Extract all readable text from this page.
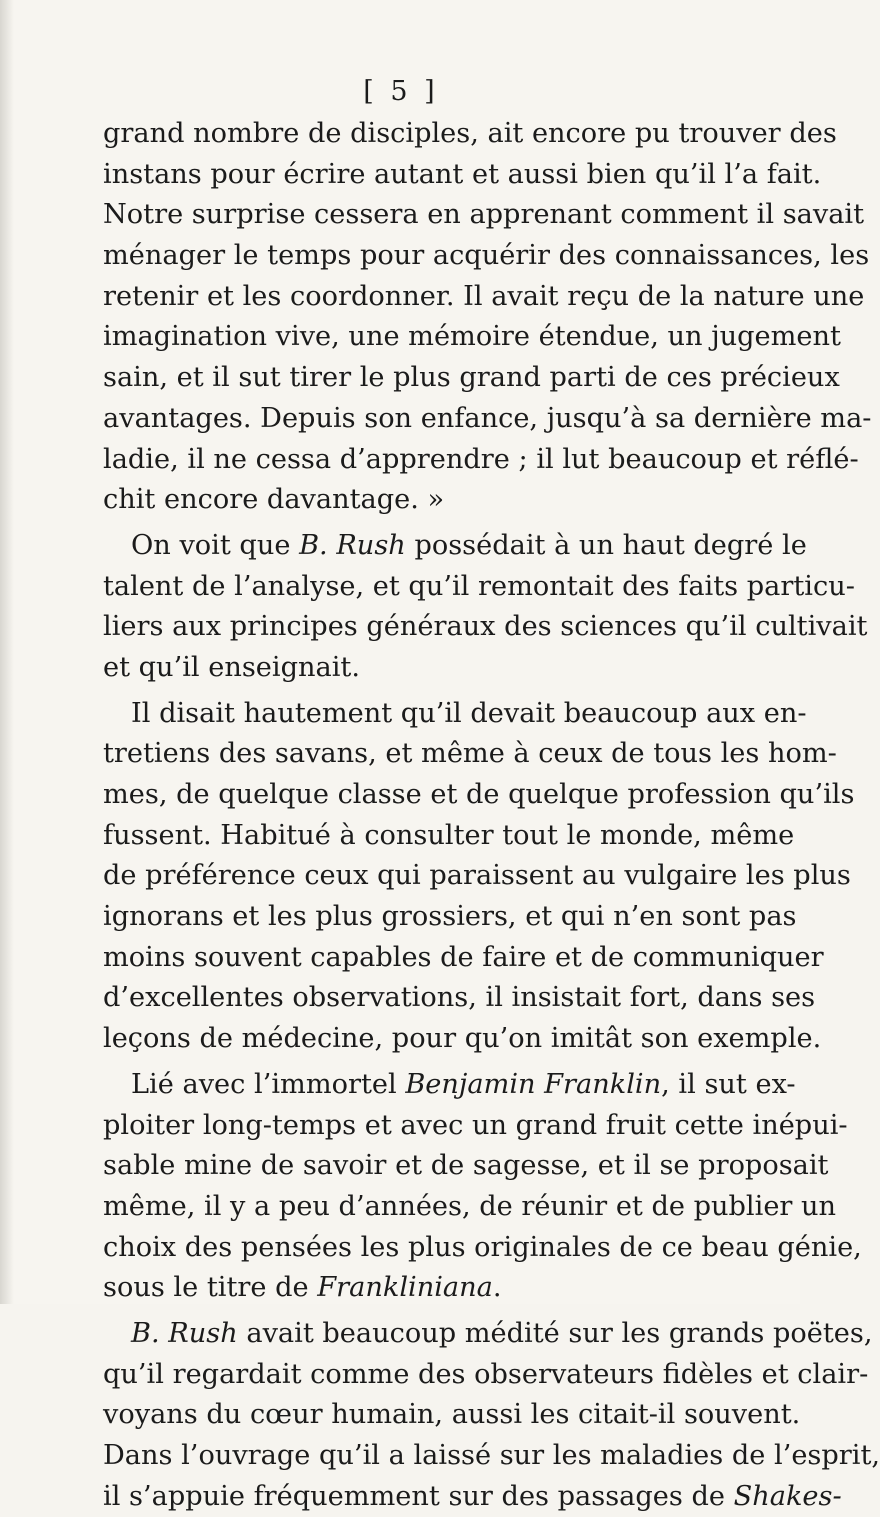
[ 5 ]
grand nombre de disciples, ait encore pu trouver des
instans pour écrire autant et aussi bien qu’il l’a fait.
Notre surprise cessera en apprenant comment il savait
ménager le temps pour acquérir des connaissances, les
retenir et les coordonner. Il avait reçu de la nature une
imagination vive, une mémoire étendue, un jugement
sain, et il sut tirer le plus grand parti de ces précieux
avantages. Depuis son enfance, jusqu’à sa dernière ma-
ladie, il ne cessa d’apprendre ; il lut beaucoup et réflé-
chit encore davantage. »
On voit que B. Rush possédait à un haut degré le
talent de l’analyse, et qu’il remontait des faits particu-
liers aux principes généraux des sciences qu’il cultivait
et qu’il enseignait.
Il disait hautement qu’il devait beaucoup aux en-
tretiens des savans, et même à ceux de tous les hom-
mes, de quelque classe et de quelque profession qu’ils
fussent. Habitué à consulter tout le monde, même
de préférence ceux qui paraissent au vulgaire les plus
ignorans et les plus grossiers, et qui n’en sont pas
moins souvent capables de faire et de communiquer
d’excellentes observations, il insistait fort, dans ses
leçons de médecine, pour qu’on imitât son exemple.
Lié avec l’immortel Benjamin Franklin, il sut ex-
ploiter long-temps et avec un grand fruit cette inépui-
sable mine de savoir et de sagesse, et il se proposait
même, il y a peu d’années, de réunir et de publier un
choix des pensées les plus originales de ce beau génie,
sous le titre de Frankliniana.
B. Rush avait beaucoup médité sur les grands poëtes,
qu’il regardait comme des observateurs fidèles et clair-
voyans du cœur humain, aussi les citait-il souvent.
Dans l’ouvrage qu’il a laissé sur les maladies de l’esprit,
il s’appuie fréquemment sur des passages de Shakes-
